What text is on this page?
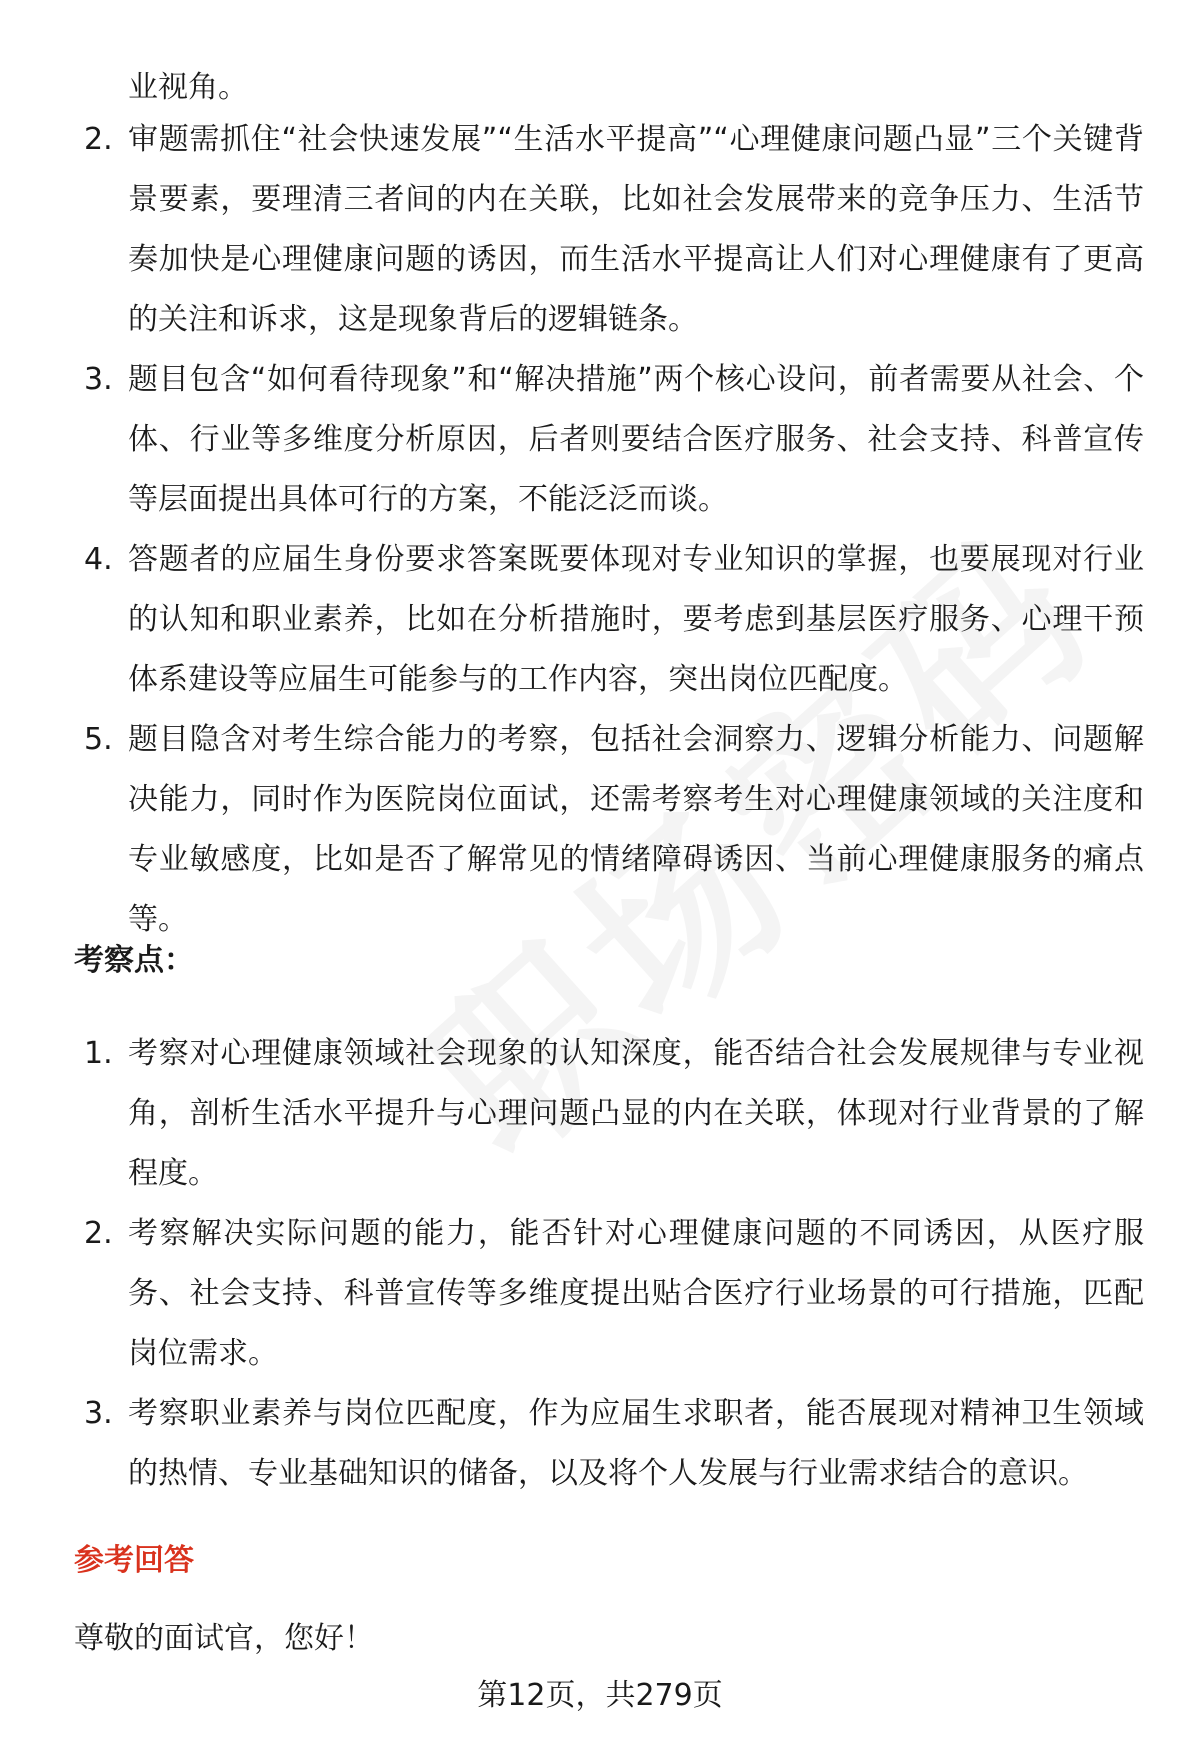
业视角。
2. 审题需抓住“社会快速发展”“生活水平提高”“心理健康问题凸显”三个关键背景要素，要理清三者间的内在关联，比如社会发展带来的竞争压力、生活节奏加快是心理健康问题的诱因，而生活水平提高让人们对心理健康有了更高的关注和诉求，这是现象背后的逻辑链条。
3. 题目包含“如何看待现象”和“解决措施”两个核心设问，前者需要从社会、个体、行业等多维度分析原因，后者则要结合医疗服务、社会支持、科普宣传等层面提出具体可行的方案，不能泛泛而谈。
4. 答题者的应届生身份要求答案既要体现对专业知识的掌握，也要展现对行业的认知和职业素养，比如在分析措施时，要考虑到基层医疗服务、心理干预体系建设等应届生可能参与的工作内容，突出岗位匹配度。
5. 题目隐含对考生综合能力的考察，包括社会洞察力、逻辑分析能力、问题解决能力，同时作为医院岗位面试，还需考察考生对心理健康领域的关注度和专业敏感度，比如是否了解常见的情绪障碍诱因、当前心理健康服务的痛点等。
考察点：
1. 考察对心理健康领域社会现象的认知深度，能否结合社会发展规律与专业视角，剖析生活水平提升与心理问题凸显的内在关联，体现对行业背景的了解程度。
2. 考察解决实际问题的能力，能否针对心理健康问题的不同诱因，从医疗服务、社会支持、科普宣传等多维度提出贴合医疗行业场景的可行措施，匹配岗位需求。
3. 考察职业素养与岗位匹配度，作为应届生求职者，能否展现对精神卫生领域的热情、专业基础知识的储备，以及将个人发展与行业需求结合的意识。
参考回答
尊敬的面试官，您好！
第12页，共279页
